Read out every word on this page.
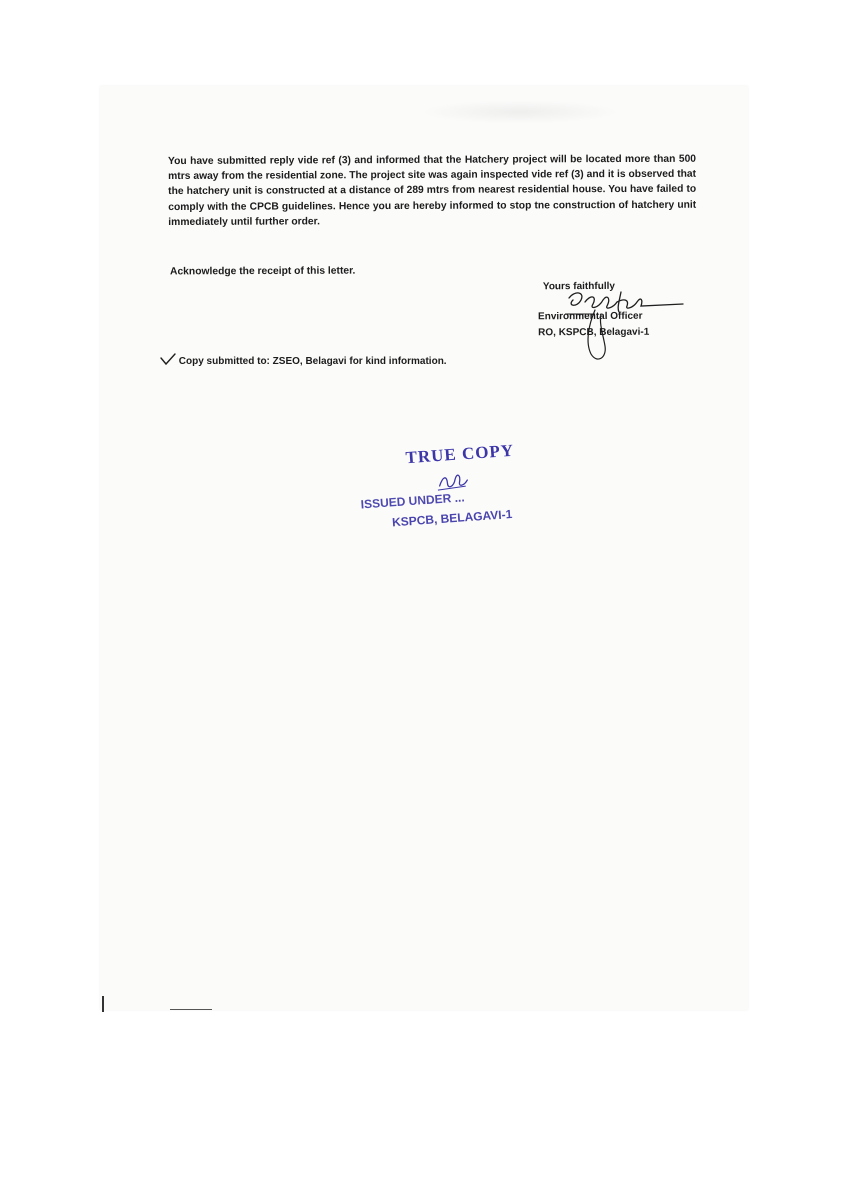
You have submitted reply vide ref (3) and informed that the Hatchery project will be located more than 500 mtrs away from the residential zone. The project site was again inspected vide ref (3) and it is observed that the hatchery unit is constructed at a distance of 289 mtrs from nearest residential house. You have failed to comply with the CPCB guidelines. Hence you are hereby informed to stop tne construction of hatchery unit immediately until further order.

Acknowledge the receipt of this letter.

Yours faithfully
Environmental Officer
RO, KSPCB, Belagavi-1
Copy submitted to: ZSEO, Belagavi for kind information.
TRUE COPY
ISSUED UNDER ...
KSPCB, BELAGAVI-1
